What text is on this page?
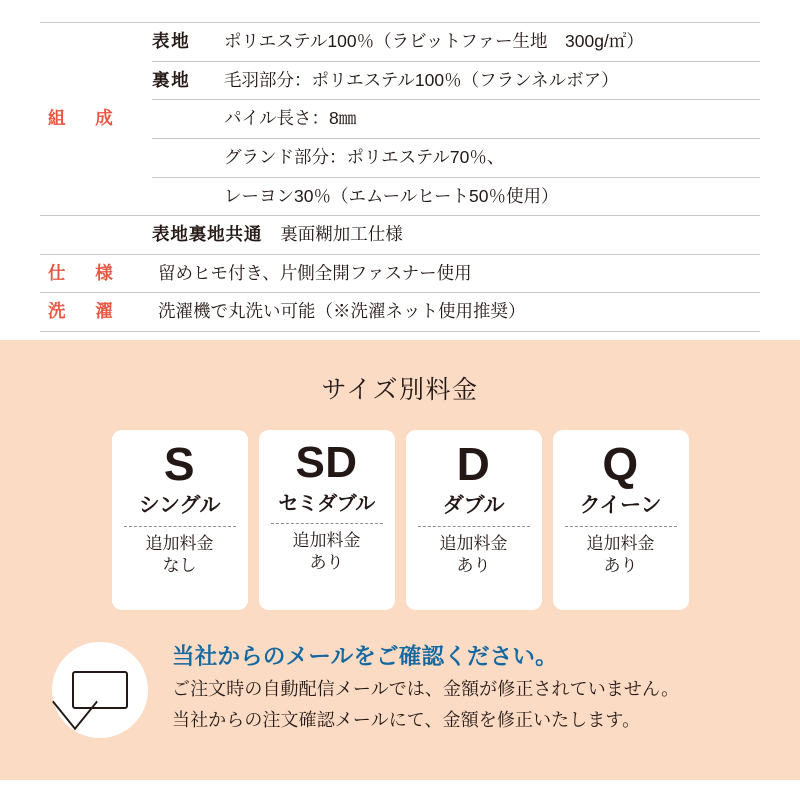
組　成	表地	ポリエステル100％（ラビットファー生地　300g/㎡）
	裏地	毛羽部分：ポリエステル100％（フランネルボア）
		パイル長さ：8㎜
		グランド部分：ポリエステル70％、
		レーヨン30％（エムールヒート50％使用）
	表地裏地共通 裏面糊加工仕様	
仕　様	留めヒモ付き、片側全開ファスナー使用	
洗　濯	洗濯機で丸洗い可能（※洗濯ネット使用推奨）	
サイズ別料金
S
シングル
追加料金
なし
SD
セミダブル
追加料金
あり
D
ダブル
追加料金
あり
Q
クイーン
追加料金
あり
当社からのメールをご確認ください。
ご注文時の自動配信メールでは、金額が修正されていません。
当社からの注文確認メールにて、金額を修正いたします。
